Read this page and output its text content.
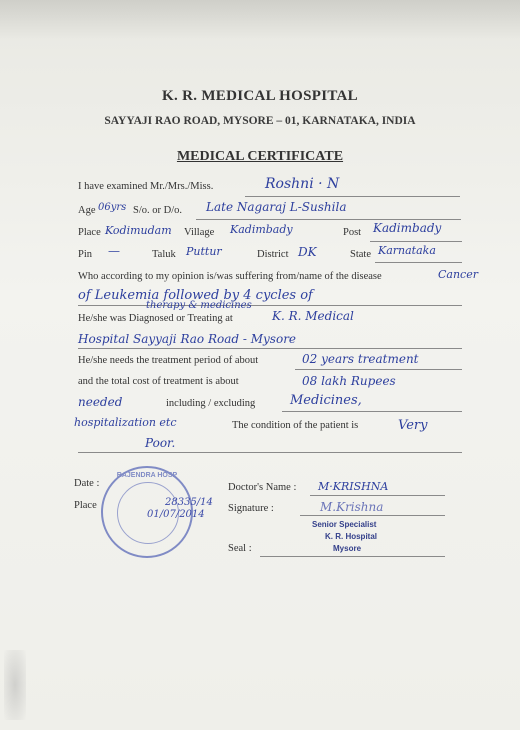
K. R. MEDICAL HOSPITAL
SAYYAJI RAO ROAD, MYSORE – 01, KARNATAKA, INDIA
MEDICAL CERTIFICATE
I have examined Mr./Mrs./Miss.	Roshni · N
Age 06yrs S/o. or D/o. Late Nagaraj L-Sushila
Place Kodimudam Village Kadimbady	Post Kadimbady
Pin —	Taluk Puttur	District DK	State Karnataka
Who according to my opinion is/was suffering from/name of the disease	Cancer
of Leukemia followed by 4 cycles of
therapy & medicines
He/she was Diagnosed or Treating at	K. R. Medical
Hospital Sayyaji Rao Road - Mysore
He/she needs the treatment period of about	02 years treatment
and the total cost of treatment is about	08 lakh Rupees
needed	including / excluding	Medicines,
hospitalization etc	The condition of the patient is	Very
Poor.
Date :
Place
RAJENDRA HOSP
28335/14
01/07/2014
Doctor's Name : M·KRISHNA
Signature :	M.Krishna
Senior Specialist
K. R. Hospital
Mysore
Seal :
